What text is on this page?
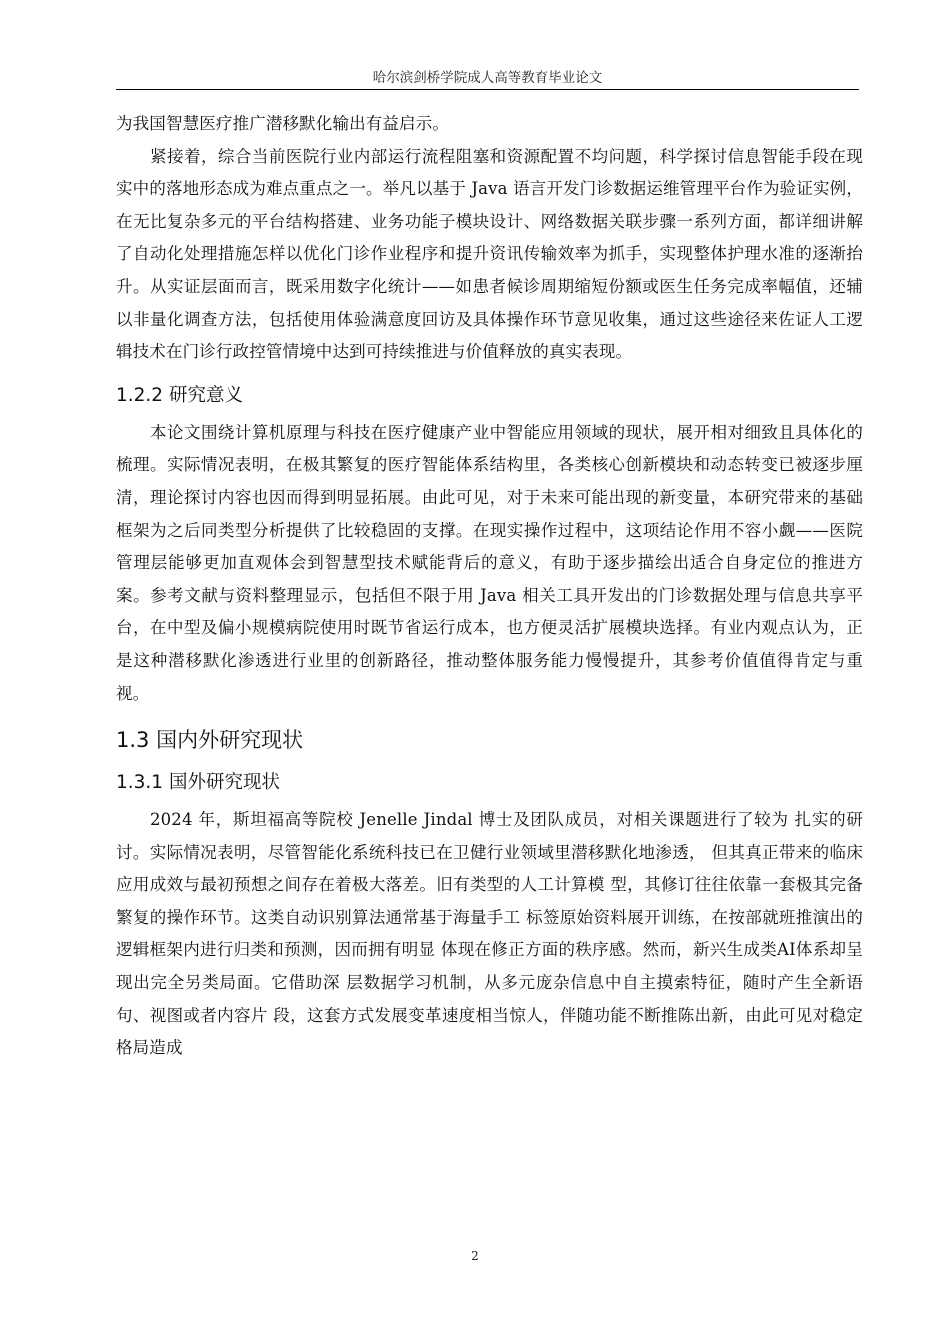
哈尔滨剑桥学院成人高等教育毕业论文

为我国智慧医疗推广潜移默化输出有益启示。

紧接着，综合当前医院行业内部运行流程阻塞和资源配置不均问题，科学探讨信息智能手段在现实中的落地形态成为难点重点之一。举凡以基于 Java 语言开发门诊数据运维管理平台作为验证实例，在无比复杂多元的平台结构搭建、业务功能子模块设计、网络数据关联步骤一系列方面，都详细讲解了自动化处理措施怎样以优化门诊作业程序和提升资讯传输效率为抓手，实现整体护理水准的逐渐抬升。从实证层面而言，既采用数字化统计——如患者候诊周期缩短份额或医生任务完成率幅值，还辅以非量化调查方法，包括使用体验满意度回访及具体操作环节意见收集，通过这些途径来佐证人工逻辑技术在门诊行政控管情境中达到可持续推进与价值释放的真实表现。

1.2.2 研究意义

本论文围绕计算机原理与科技在医疗健康产业中智能应用领域的现状，展开相对细致且具体化的梳理。实际情况表明，在极其繁复的医疗智能体系结构里，各类核心创新模块和动态转变已被逐步厘清，理论探讨内容也因而得到明显拓展。由此可见，对于未来可能出现的新变量，本研究带来的基础框架为之后同类型分析提供了比较稳固的支撑。在现实操作过程中，这项结论作用不容小觑——医院管理层能够更加直观体会到智慧型技术赋能背后的意义，有助于逐步描绘出适合自身定位的推进方案。参考文献与资料整理显示，包括但不限于用 Java 相关工具开发出的门诊数据处理与信息共享平台，在中型及偏小规模病院使用时既节省运行成本，也方便灵活扩展模块选择。有业内观点认为，正是这种潜移默化渗透进行业里的创新路径，推动整体服务能力慢慢提升，其参考价值值得肯定与重视。

1.3 国内外研究现状
1.3.1 国外研究现状

2024 年，斯坦福高等院校 Jenelle Jindal 博士及团队成员，对相关课题进行了较为 扎实的研讨。实际情况表明，尽管智能化系统科技已在卫健行业领域里潜移默化地渗透， 但其真正带来的临床应用成效与最初预想之间存在着极大落差。旧有类型的人工计算模 型，其修订往往依靠一套极其完备繁复的操作环节。这类自动识别算法通常基于海量手工 标签原始资料展开训练，在按部就班推演出的逻辑框架内进行归类和预测，因而拥有明显 体现在修正方面的秩序感。然而，新兴生成类AI体系却呈现出完全另类局面。它借助深 层数据学习机制，从多元庞杂信息中自主摸索特征，随时产生全新语句、视图或者内容片 段，这套方式发展变革速度相当惊人，伴随功能不断推陈出新，由此可见对稳定格局造成

2
